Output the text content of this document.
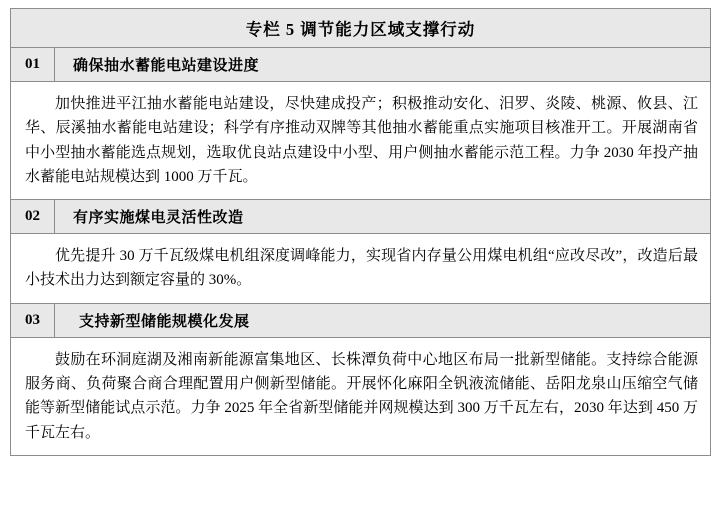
专栏 5 调节能力区域支撑行动	
01	确保抽水蓄能电站建设进度

加快推进平江抽水蓄能电站建设，尽快建成投产；积极推动安化、汨罗、炎陵、桃源、攸县、江华、辰溪抽水蓄能电站建设；科学有序推动双牌等其他抽水蓄能重点实施项目核准开工。开展湖南省中小型抽水蓄能选点规划，选取优良站点建设中小型、用户侧抽水蓄能示范工程。力争 2030 年投产抽水蓄能电站规模达到 1000 万千瓦。	

02	有序实施煤电灵活性改造

优先提升 30 万千瓦级煤电机组深度调峰能力，实现省内存量公用煤电机组“应改尽改”，改造后最小技术出力达到额定容量的 30%。	

03	支持新型储能规模化发展

鼓励在环洞庭湖及湘南新能源富集地区、长株潭负荷中心地区布局一批新型储能。支持综合能源服务商、负荷聚合商合理配置用户侧新型储能。开展怀化麻阳全钒液流储能、岳阳龙泉山压缩空气储能等新型储能试点示范。力争 2025 年全省新型储能并网规模达到 300 万千瓦左右，2030 年达到 450 万千瓦左右。	
